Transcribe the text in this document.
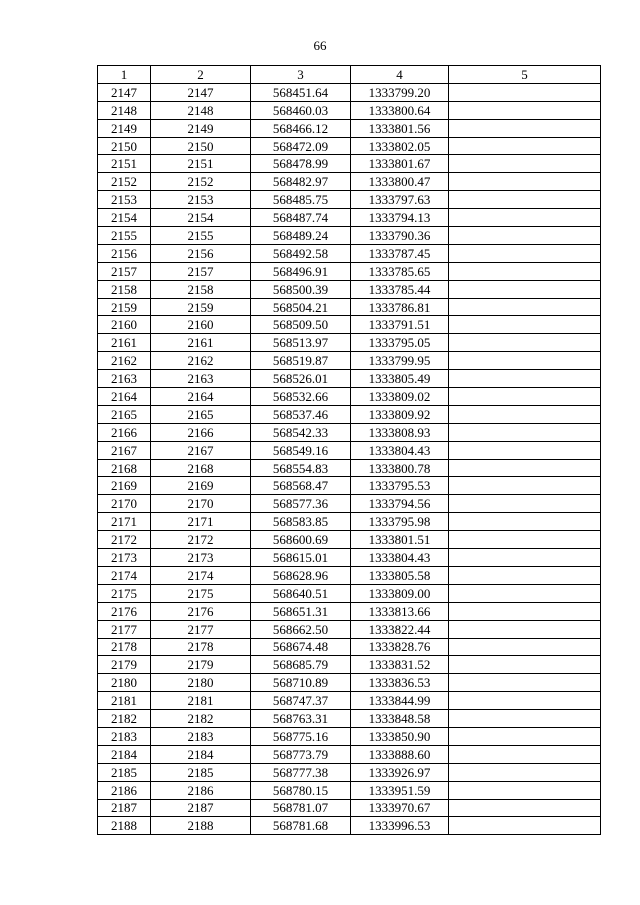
66
1	2	3	4	5
2147	2147	568451.64	1333799.20	
2148	2148	568460.03	1333800.64	
2149	2149	568466.12	1333801.56	
2150	2150	568472.09	1333802.05	
2151	2151	568478.99	1333801.67	
2152	2152	568482.97	1333800.47	
2153	2153	568485.75	1333797.63	
2154	2154	568487.74	1333794.13	
2155	2155	568489.24	1333790.36	
2156	2156	568492.58	1333787.45	
2157	2157	568496.91	1333785.65	
2158	2158	568500.39	1333785.44	
2159	2159	568504.21	1333786.81	
2160	2160	568509.50	1333791.51	
2161	2161	568513.97	1333795.05	
2162	2162	568519.87	1333799.95	
2163	2163	568526.01	1333805.49	
2164	2164	568532.66	1333809.02	
2165	2165	568537.46	1333809.92	
2166	2166	568542.33	1333808.93	
2167	2167	568549.16	1333804.43	
2168	2168	568554.83	1333800.78	
2169	2169	568568.47	1333795.53	
2170	2170	568577.36	1333794.56	
2171	2171	568583.85	1333795.98	
2172	2172	568600.69	1333801.51	
2173	2173	568615.01	1333804.43	
2174	2174	568628.96	1333805.58	
2175	2175	568640.51	1333809.00	
2176	2176	568651.31	1333813.66	
2177	2177	568662.50	1333822.44	
2178	2178	568674.48	1333828.76	
2179	2179	568685.79	1333831.52	
2180	2180	568710.89	1333836.53	
2181	2181	568747.37	1333844.99	
2182	2182	568763.31	1333848.58	
2183	2183	568775.16	1333850.90	
2184	2184	568773.79	1333888.60	
2185	2185	568777.38	1333926.97	
2186	2186	568780.15	1333951.59	
2187	2187	568781.07	1333970.67	
2188	2188	568781.68	1333996.53	
